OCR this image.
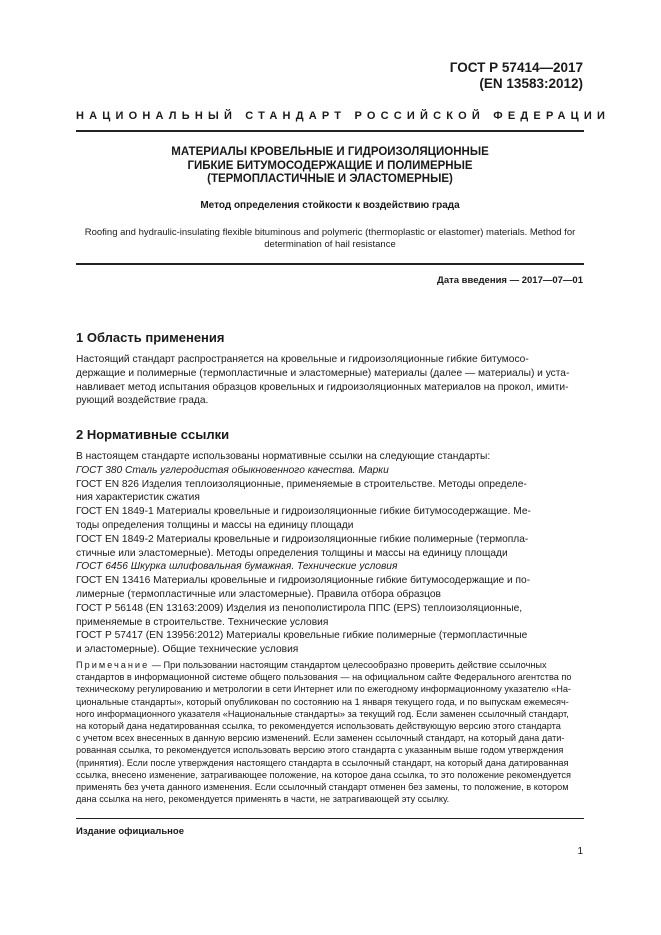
ГОСТ Р 57414—2017
(EN 13583:2012)
НАЦИОНАЛЬНЫЙ СТАНДАРТ РОССИЙСКОЙ ФЕДЕРАЦИИ
МАТЕРИАЛЫ КРОВЕЛЬНЫЕ И ГИДРОИЗОЛЯЦИОННЫЕ
ГИБКИЕ БИТУМОСОДЕРЖАЩИЕ И ПОЛИМЕРНЫЕ
(ТЕРМОПЛАСТИЧНЫЕ И ЭЛАСТОМЕРНЫЕ)
Метод определения стойкости к воздействию града
Roofing and hydraulic-insulating flexible bituminous and polymeric (thermoplastic or elastomer) materials. Method for
determination of hail resistance
Дата введения — 2017—07—01
1 Область применения
Настоящий стандарт распространяется на кровельные и гидроизоляционные гибкие битумосо-
держащие и полимерные (термопластичные и эластомерные) материалы (далее — материалы) и уста-
навливает метод испытания образцов кровельных и гидроизоляционных материалов на прокол, имити-
рующий воздействие града.
2 Нормативные ссылки
В настоящем стандарте использованы нормативные ссылки на следующие стандарты:
ГОСТ 380 Сталь углеродистая обыкновенного качества. Марки
ГОСТ EN 826 Изделия теплоизоляционные, применяемые в строительстве. Методы определе-
ния характеристик сжатия
ГОСТ EN 1849-1 Материалы кровельные и гидроизоляционные гибкие битумосодержащие. Ме-
тоды определения толщины и массы на единицу площади
ГОСТ EN 1849-2 Материалы кровельные и гидроизоляционные гибкие полимерные (термопла-
стичные или эластомерные). Методы определения толщины и массы на единицу площади
ГОСТ 6456 Шкурка шлифовальная бумажная. Технические условия
ГОСТ EN 13416 Материалы кровельные и гидроизоляционные гибкие битумосодержащие и по-
лимерные (термопластичные или эластомерные). Правила отбора образцов
ГОСТ Р 56148 (EN 13163:2009) Изделия из пенополистирола ППС (EPS) теплоизоляционные,
применяемые в строительстве. Технические условия
ГОСТ Р 57417 (EN 13956:2012) Материалы кровельные гибкие полимерные (термопластичные
и эластомерные). Общие технические условия
Примечание — При пользовании настоящим стандартом целесообразно проверить действие ссылочных
стандартов в информационной системе общего пользования — на официальном сайте Федерального агентства по
техническому регулированию и метрологии в сети Интернет или по ежегодному информационному указателю «На-
циональные стандарты», который опубликован по состоянию на 1 января текущего года, и по выпускам ежемесяч-
ного информационного указателя «Национальные стандарты» за текущий год. Если заменен ссылочный стандарт,
на который дана недатированная ссылка, то рекомендуется использовать действующую версию этого стандарта
с учетом всех внесенных в данную версию изменений. Если заменен ссылочный стандарт, на который дана дати-
рованная ссылка, то рекомендуется использовать версию этого стандарта с указанным выше годом утверждения
(принятия). Если после утверждения настоящего стандарта в ссылочный стандарт, на который дана датированная
ссылка, внесено изменение, затрагивающее положение, на которое дана ссылка, то это положение рекомендуется
применять без учета данного изменения. Если ссылочный стандарт отменен без замены, то положение, в котором
дана ссылка на него, рекомендуется применять в части, не затрагивающей эту ссылку.
Издание официальное
1
